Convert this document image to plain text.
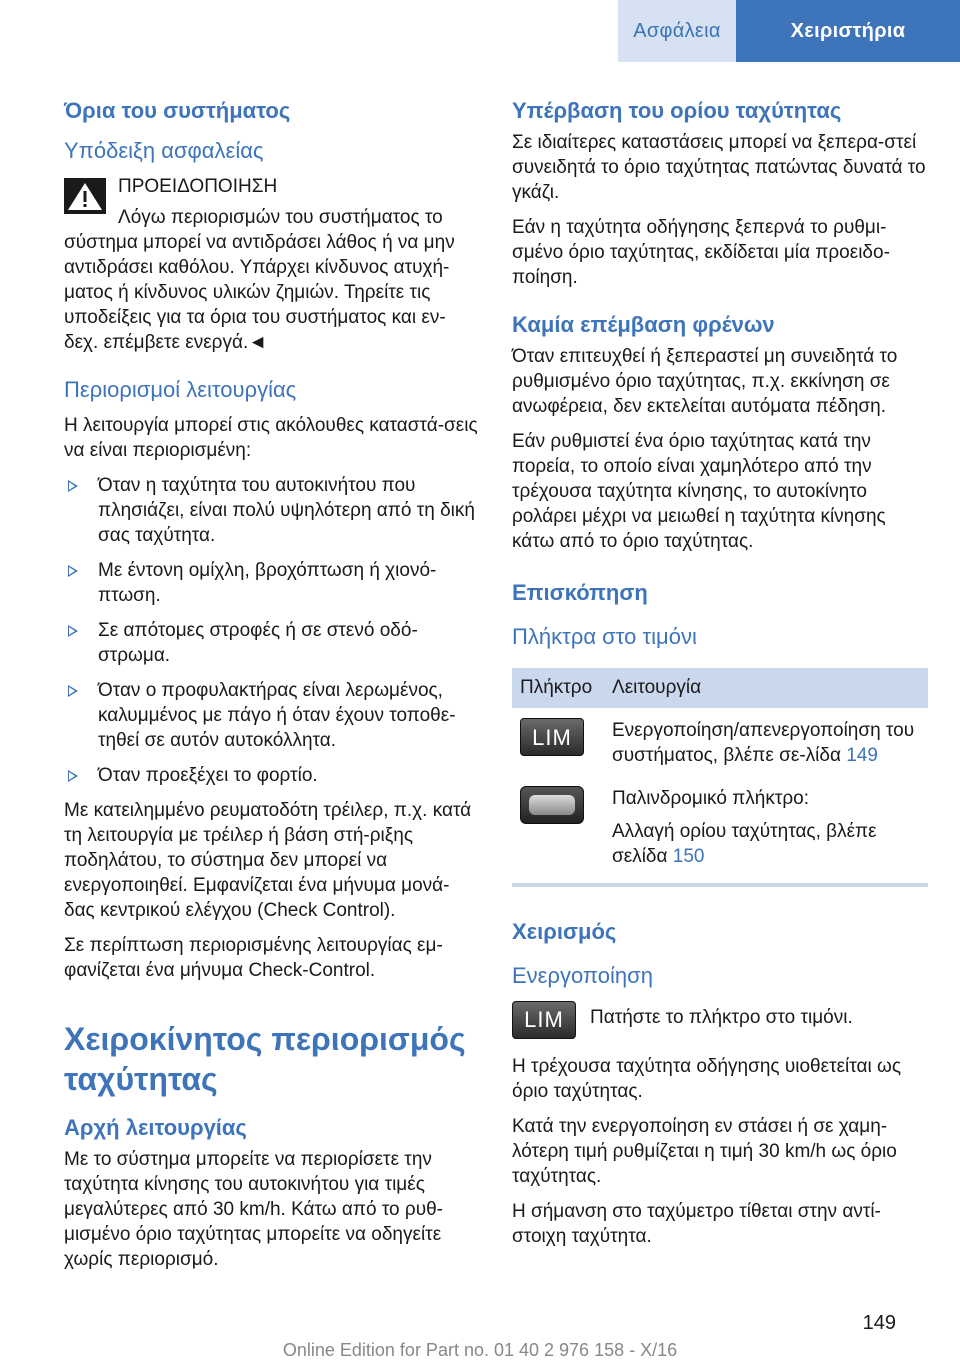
Ασφάλεια	Χειριστήρια
Όρια του συστήματος
Υπόδειξη ασφαλείας

ΠΡΟΕΙΔΟΠΟΙΗΣΗ

Λόγω περιορισμών του συστήματος το

σύστημα μπορεί να αντιδράσει λάθος ή να μην αντιδράσει καθόλου. Υπάρχει κίνδυνος ατυχή-ματος ή κίνδυνος υλικών ζημιών. Τηρείτε τις υποδείξεις για τα όρια του συστήματος και εν-δεχ. επέμβετε ενεργά.◄

Περιορισμοί λειτουργίας

Η λειτουργία μπορεί στις ακόλουθες καταστά-σεις να είναι περιορισμένη:

Όταν η ταχύτητα του αυτοκινήτου που πλησιάζει, είναι πολύ υψηλότερη από τη δική σας ταχύτητα.
Με έντονη ομίχλη, βροχόπτωση ή χιονό-πτωση.
Σε απότομες στροφές ή σε στενό οδό-στρωμα.
Όταν ο προφυλακτήρας είναι λερωμένος, καλυμμένος με πάγο ή όταν έχουν τοποθε-τηθεί σε αυτόν αυτοκόλλητα.
Όταν προεξέχει το φορτίο.

Με κατειλημμένο ρευματοδότη τρέιλερ, π.χ. κατά τη λειτουργία με τρέιλερ ή βάση στή-ριξης ποδηλάτου, το σύστημα δεν μπορεί να ενεργοποιηθεί. Εμφανίζεται ένα μήνυμα μονά-δας κεντρικού ελέγχου (Check Control).

Σε περίπτωση περιορισμένης λειτουργίας εμ-φανίζεται ένα μήνυμα Check-Control.

Χειροκίνητος περιορισμός ταχύτητας
Αρχή λειτουργίας

Με το σύστημα μπορείτε να περιορίσετε την ταχύτητα κίνησης του αυτοκινήτου για τιμές μεγαλύτερες από 30 km/h. Κάτω από το ρυθ-μισμένο όριο ταχύτητας μπορείτε να οδηγείτε χωρίς περιορισμό.

Υπέρβαση του ορίου ταχύτητας

Σε ιδιαίτερες καταστάσεις μπορεί να ξεπερα-στεί συνειδητά το όριο ταχύτητας πατώντας δυνατά το γκάζι.

Εάν η ταχύτητα οδήγησης ξεπερνά το ρυθμι-σμένο όριο ταχύτητας, εκδίδεται μία προειδο-ποίηση.

Καμία επέμβαση φρένων

Όταν επιτευχθεί ή ξεπεραστεί μη συνειδητά το ρυθμισμένο όριο ταχύτητας, π.χ. εκκίνηση σε ανωφέρεια, δεν εκτελείται αυτόματα πέδηση.

Εάν ρυθμιστεί ένα όριο ταχύτητας κατά την πορεία, το οποίο είναι χαμηλότερο από την τρέχουσα ταχύτητα κίνησης, το αυτοκίνητο ρολάρει μέχρι να μειωθεί η ταχύτητα κίνησης κάτω από το όριο ταχύτητας.

Επισκόπηση
Πλήκτρα στο τιμόνι
Πλήκτρο	Λειτουργία

LIM	Ενεργοποίηση/απενεργοποίηση του συστήματος, βλέπε σε-λίδα 149

	Παλινδρομικό πλήκτρο:
Αλλαγή ορίου ταχύτητας, βλέπε σελίδα 150
Χειρισμός
Ενεργοποίηση
LIM	Πατήστε το πλήκτρο στο τιμόνι.

Η τρέχουσα ταχύτητα οδήγησης υιοθετείται ως όριο ταχύτητας.

Κατά την ενεργοποίηση εν στάσει ή σε χαμη-λότερη τιμή ρυθμίζεται η τιμή 30 km/h ως όριο ταχύτητας.

Η σήμανση στο ταχύμετρο τίθεται στην αντί-στοιχη ταχύτητα.

149
Online Edition for Part no. 01 40 2 976 158 - X/16
